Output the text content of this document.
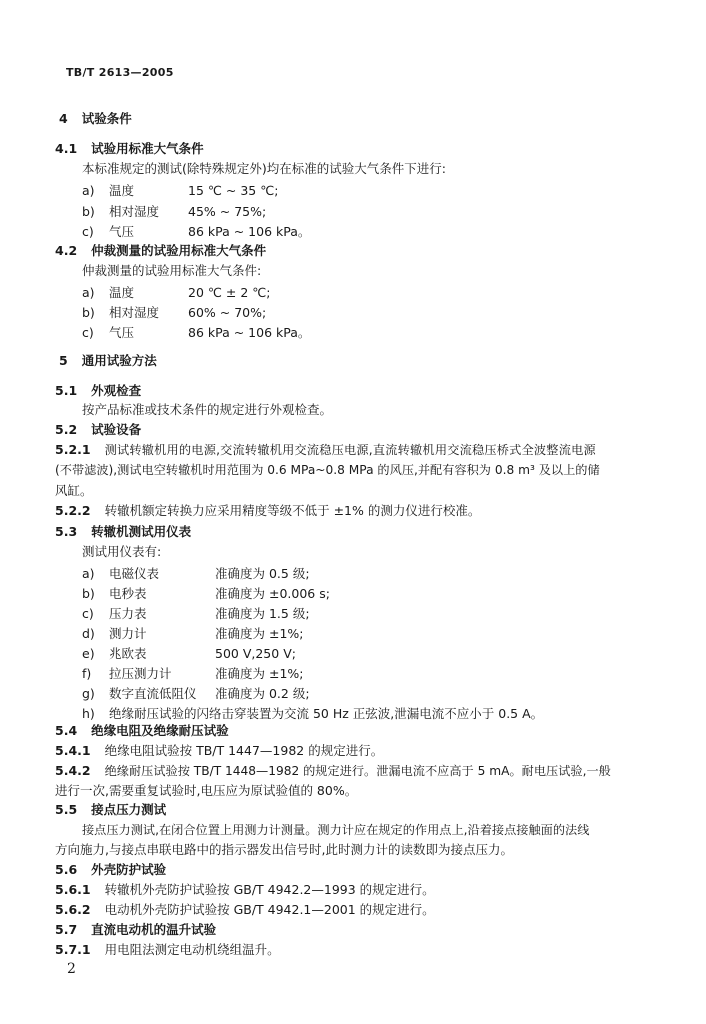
TB/T 2613—2005
4 试验条件
4.1 试验用标准大气条件
本标准规定的测试(除特殊规定外)均在标准的试验大气条件下进行:
a) 温度	15 ℃ ~ 35 ℃;
b) 相对湿度 45% ~ 75%;
c) 气压	86 kPa ~ 106 kPa。
4.2 仲裁测量的试验用标准大气条件
仲裁测量的试验用标准大气条件:
a) 温度	20 ℃ ± 2 ℃;
b) 相对湿度 60% ~ 70%;
c) 气压	86 kPa ~ 106 kPa。
5 通用试验方法
5.1 外观检查
按产品标准或技术条件的规定进行外观检查。
5.2 试验设备
5.2.1 测试转辙机用的电源,交流转辙机用交流稳压电源,直流转辙机用交流稳压桥式全波整流电源
(不带滤波),测试电空转辙机时用范围为 0.6 MPa~0.8 MPa 的风压,并配有容积为 0.8 m³ 及以上的储
风缸。
5.2.2 转辙机额定转换力应采用精度等级不低于 ±1% 的测力仪进行校准。
5.3 转辙机测试用仪表
测试用仪表有:
a) 电磁仪表	准确度为 0.5 级;
b) 电秒表	准确度为 ±0.006 s;
c) 压力表	准确度为 1.5 级;
d) 测力计	准确度为 ±1%;
e) 兆欧表	500 V,250 V;
f) 拉压测力计	准确度为 ±1%;
g) 数字直流低阻仪 准确度为 0.2 级;
h) 绝缘耐压试验的闪络击穿装置为交流 50 Hz 正弦波,泄漏电流不应小于 0.5 A。
5.4 绝缘电阻及绝缘耐压试验
5.4.1 绝缘电阻试验按 TB/T 1447—1982 的规定进行。
5.4.2 绝缘耐压试验按 TB/T 1448—1982 的规定进行。泄漏电流不应高于 5 mA。耐电压试验,一般
进行一次,需要重复试验时,电压应为原试验值的 80%。
5.5 接点压力测试
接点压力测试,在闭合位置上用测力计测量。测力计应在规定的作用点上,沿着接点接触面的法线
方向施力,与接点串联电路中的指示器发出信号时,此时测力计的读数即为接点压力。
5.6 外壳防护试验
5.6.1 转辙机外壳防护试验按 GB/T 4942.2—1993 的规定进行。
5.6.2 电动机外壳防护试验按 GB/T 4942.1—2001 的规定进行。
5.7 直流电动机的温升试验
5.7.1 用电阻法测定电动机绕组温升。
2
